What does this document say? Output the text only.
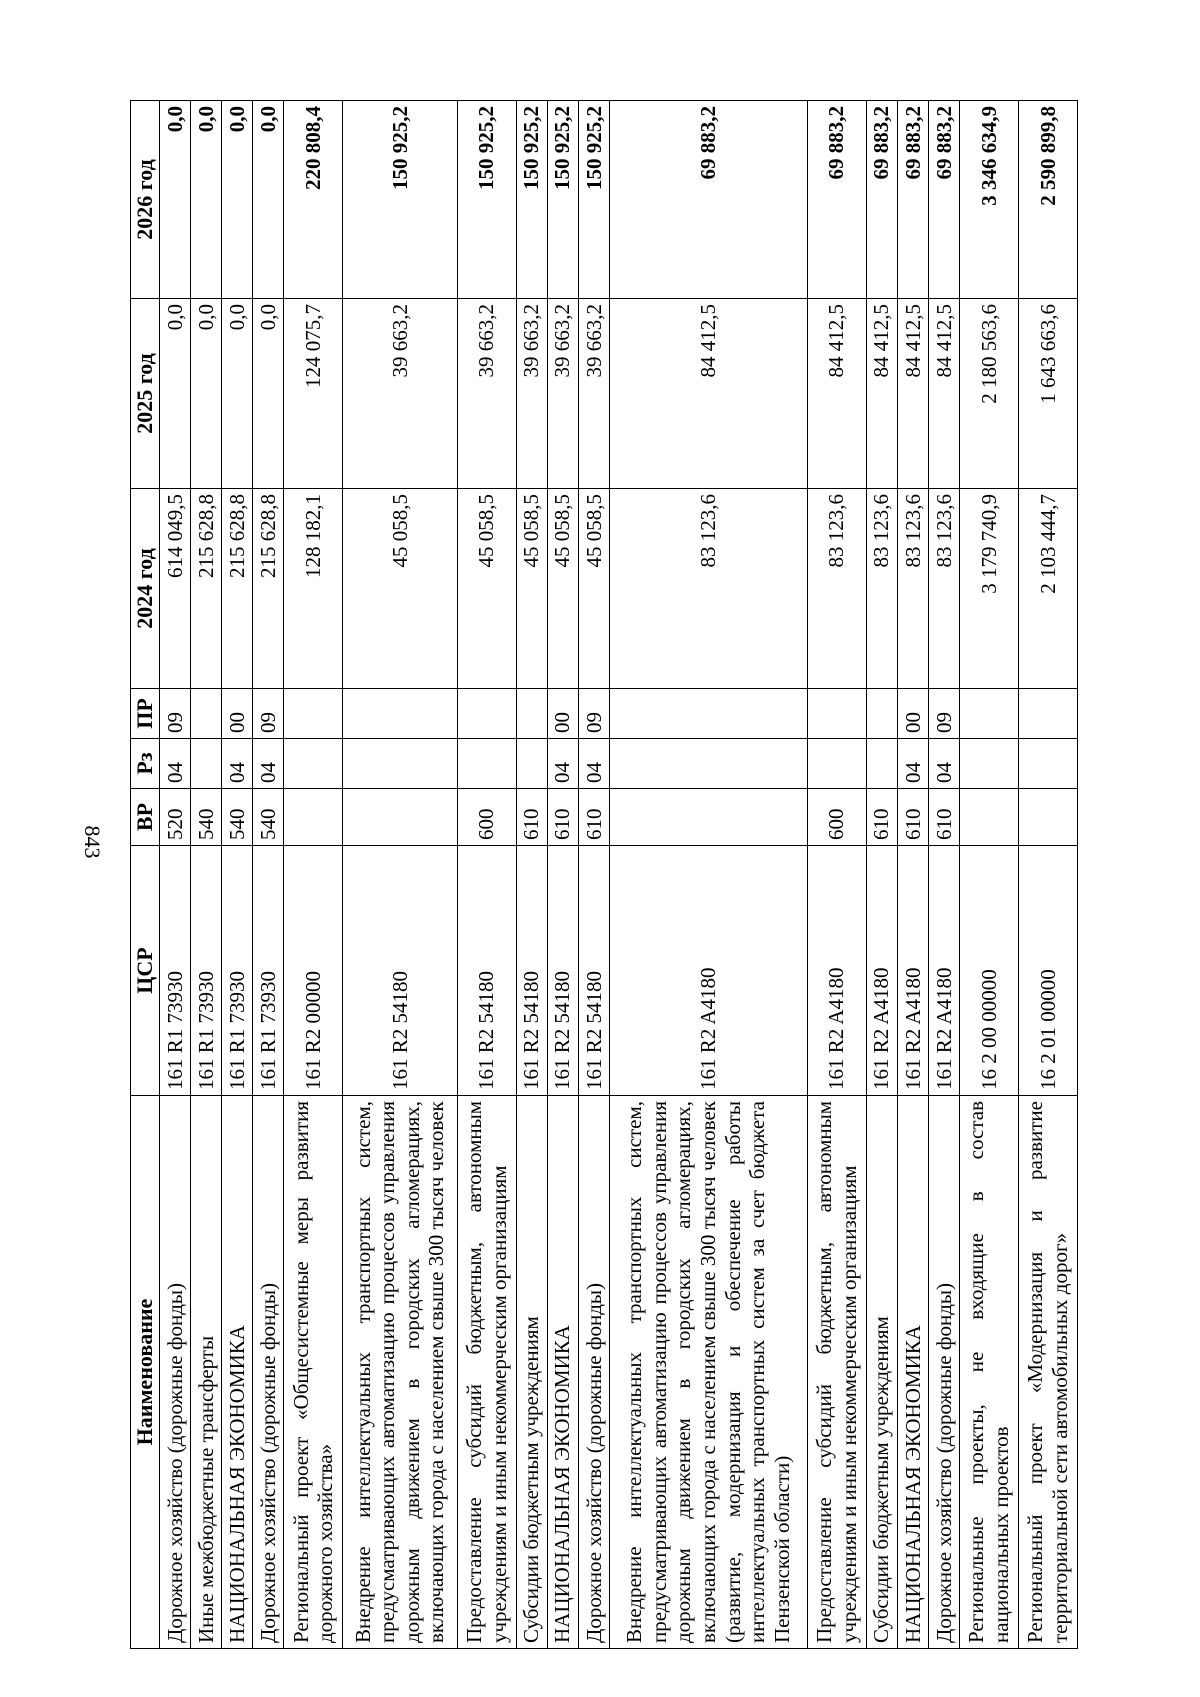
843
Наименование	ЦСР	ВР	Рз	ПР	2024 год	2025 год	2026 год
Дорожное хозяйство (дорожные фонды)	161 R1 73930	520	04	09	614 049,5	0,0	0,0
Иные межбюджетные трансферты	161 R1 73930	540			215 628,8	0,0	0,0
НАЦИОНАЛЬНАЯ ЭКОНОМИКА	161 R1 73930	540	04	00	215 628,8	0,0	0,0
Дорожное хозяйство (дорожные фонды)	161 R1 73930	540	04	09	215 628,8	0,0	0,0
Региональный проект «Общесистемные меры развития дорожного хозяйства»	161 R2 00000				128 182,1	124 075,7	220 808,4
Внедрение интеллектуальных транспортных систем, предусматривающих автоматизацию процессов управления дорожным движением в городских агломерациях, включающих города с населением свыше 300 тысяч человек	161 R2 54180				45 058,5	39 663,2	150 925,2
Предоставление субсидий бюджетным, автономным учреждениям и иным некоммерческим организациям	161 R2 54180	600			45 058,5	39 663,2	150 925,2
Субсидии бюджетным учреждениям	161 R2 54180	610			45 058,5	39 663,2	150 925,2
НАЦИОНАЛЬНАЯ ЭКОНОМИКА	161 R2 54180	610	04	00	45 058,5	39 663,2	150 925,2
Дорожное хозяйство (дорожные фонды)	161 R2 54180	610	04	09	45 058,5	39 663,2	150 925,2
Внедрение интеллектуальных транспортных систем, предусматривающих автоматизацию процессов управления дорожным движением в городских агломерациях, включающих города с населением свыше 300 тысяч человек (развитие, модернизация и обеспечение работы интеллектуальных транспортных систем за счет бюджета Пензенской области)	161 R2 A4180				83 123,6	84 412,5	69 883,2
Предоставление субсидий бюджетным, автономным учреждениям и иным некоммерческим организациям	161 R2 A4180	600			83 123,6	84 412,5	69 883,2
Субсидии бюджетным учреждениям	161 R2 A4180	610			83 123,6	84 412,5	69 883,2
НАЦИОНАЛЬНАЯ ЭКОНОМИКА	161 R2 A4180	610	04	00	83 123,6	84 412,5	69 883,2
Дорожное хозяйство (дорожные фонды)	161 R2 A4180	610	04	09	83 123,6	84 412,5	69 883,2
Региональные проекты, не входящие в состав национальных проектов	16 2 00 00000				3 179 740,9	2 180 563,6	3 346 634,9
Региональный проект «Модернизация и развитие территориальной сети автомобильных дорог»	16 2 01 00000				2 103 444,7	1 643 663,6	2 590 899,8
